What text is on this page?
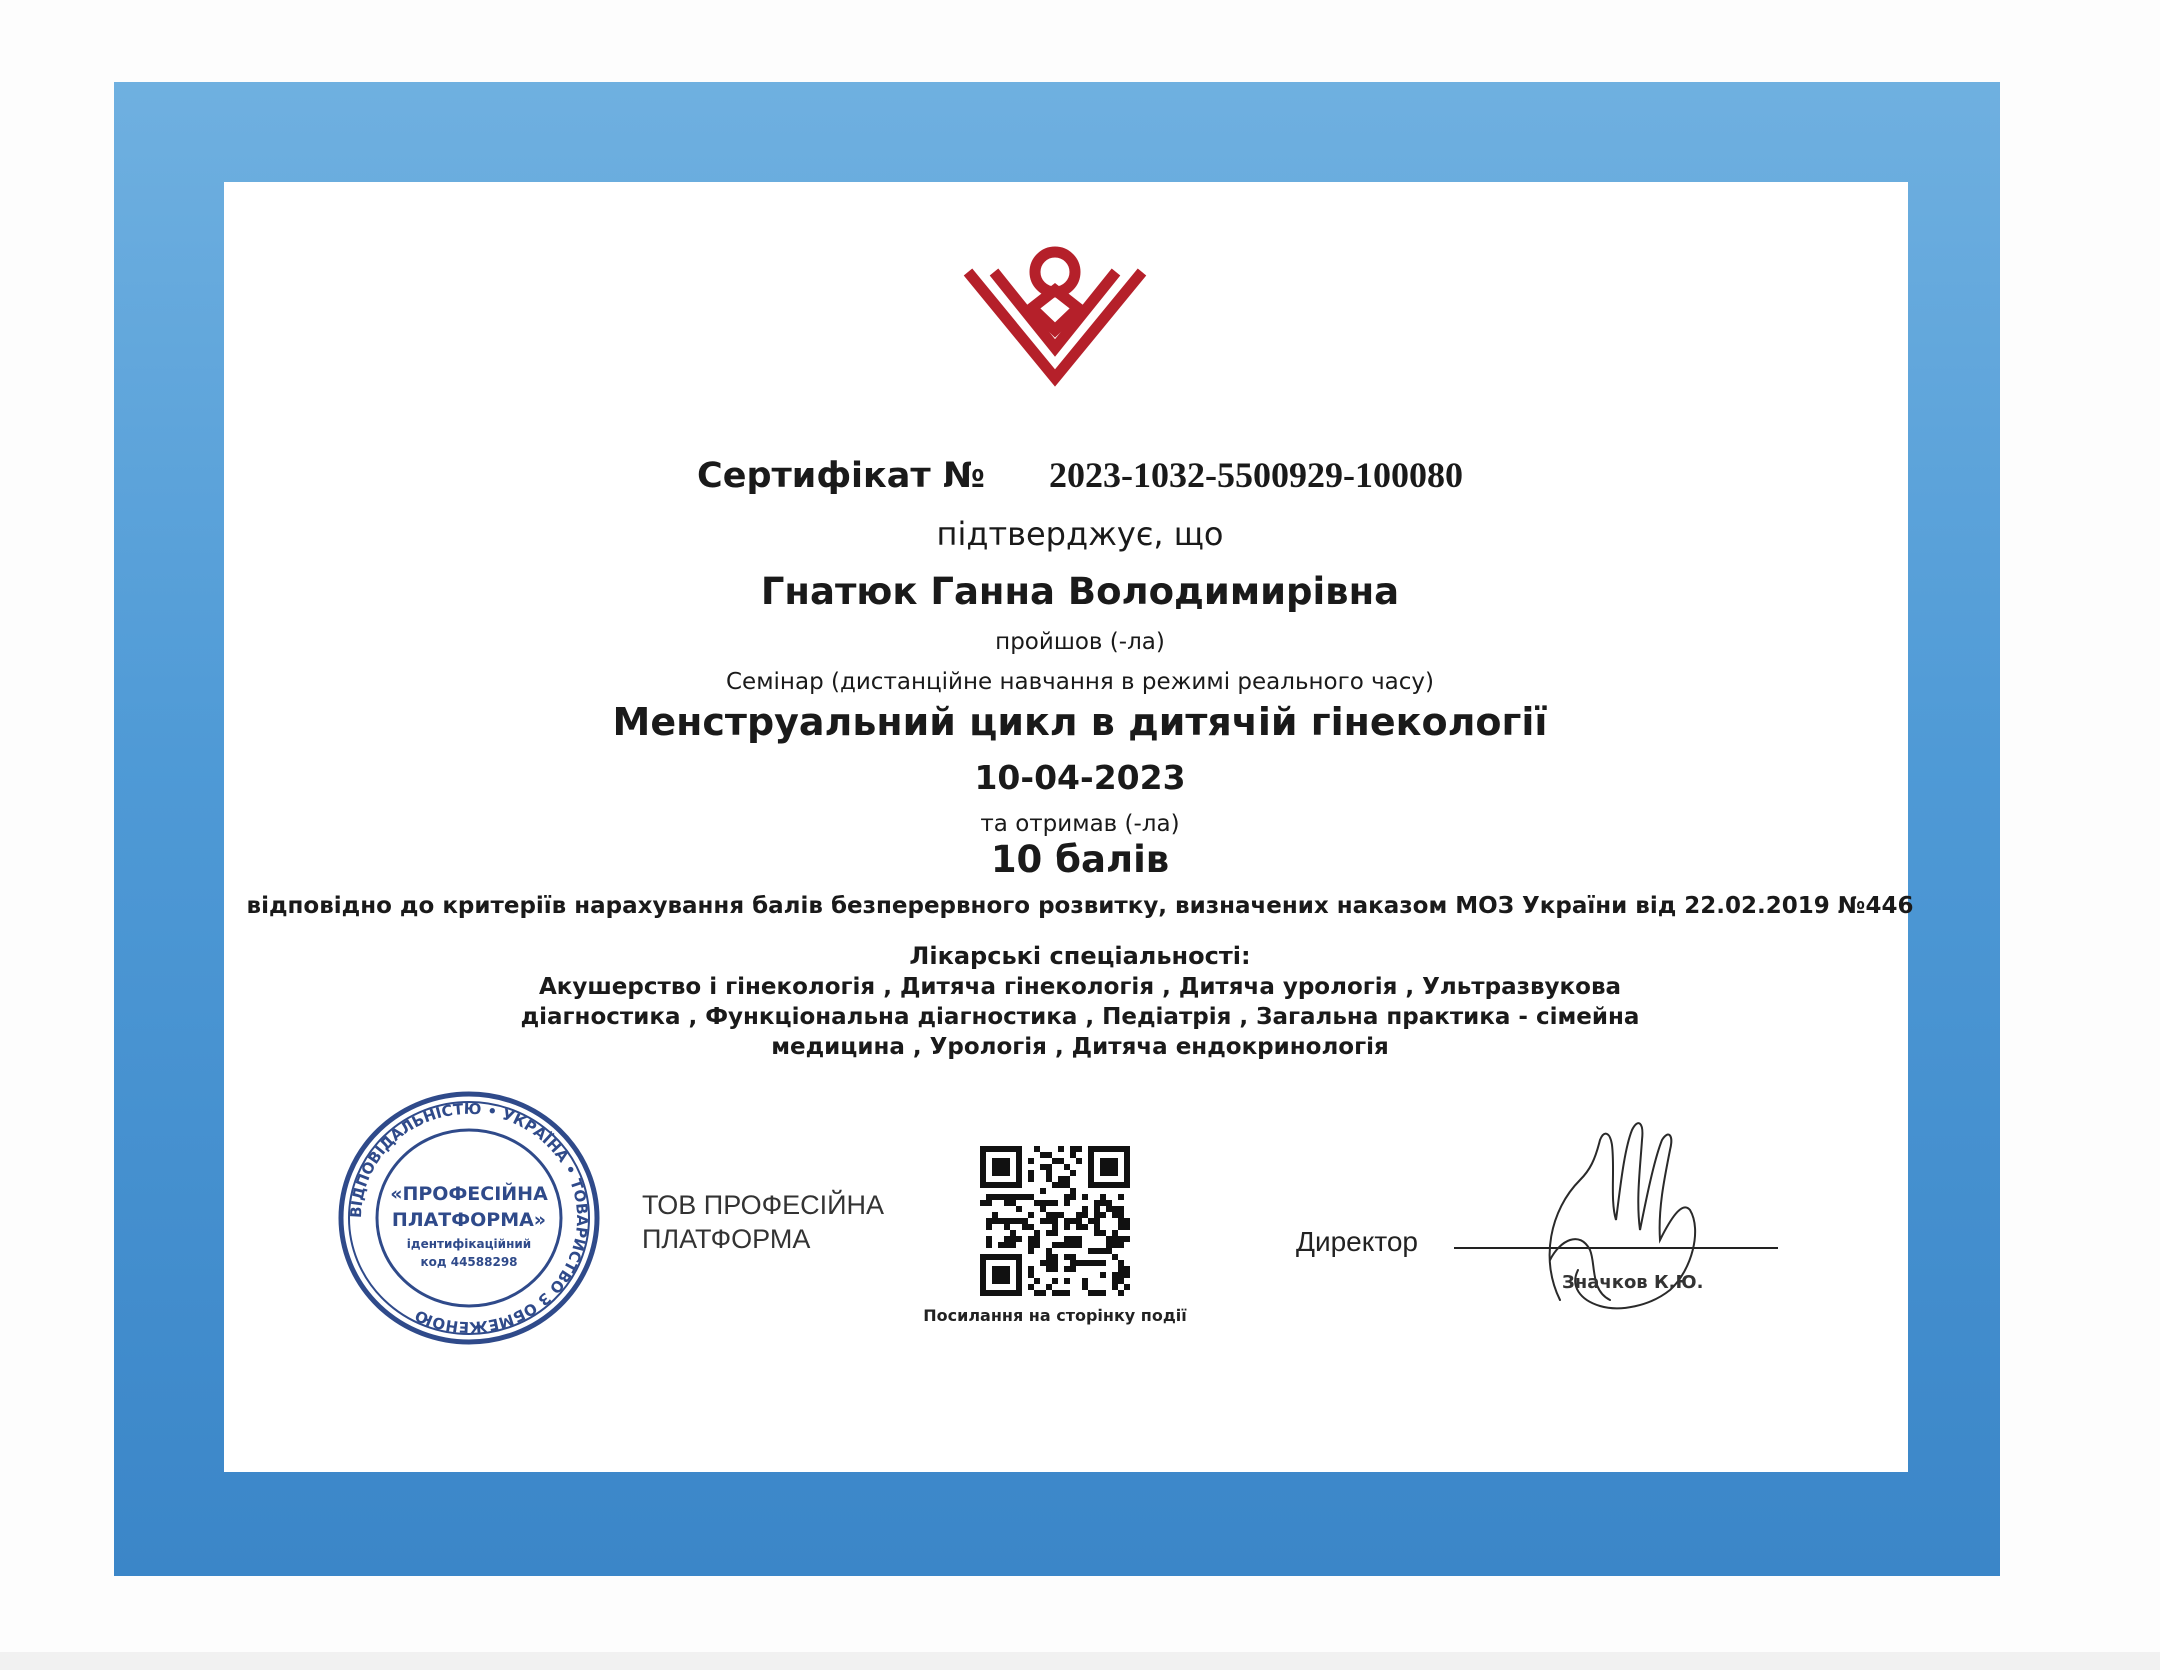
Сертифікат № 2023-1032-5500929-100080
підтверджує, що
Гнатюк Ганна Володимирівна
пройшов (-ла)
Семінар (дистанційне навчання в режимі реального часу)
Менструальний цикл в дитячій гінекології
10-04-2023
та отримав (-ла)
10 балів
відповідно до критеріїв нарахування балів безперервного розвитку, визначених наказом МОЗ України від 22.02.2019 №446
Лікарські спеціальності:
Акушерство і гінекологія , Дитяча гінекологія , Дитяча урологія , Ультразвукова діагностика , Функціональна діагностика , Педіатрія , Загальна практика - сімейна медицина , Урологія , Дитяча ендокринологія
ВІДПОВІДАЛЬНІСТЮ • УКРАЇНА • ТОВАРИСТВО З ОБМЕЖЕНОЮ
«ПРОФЕСІЙНА
ПЛАТФОРМА»
ідентифікаційний
код 44588298
ТОВ ПРОФЕСІЙНА
ПЛАТФОРМА
Посилання на сторінку події
Директор
Значков К.Ю.
